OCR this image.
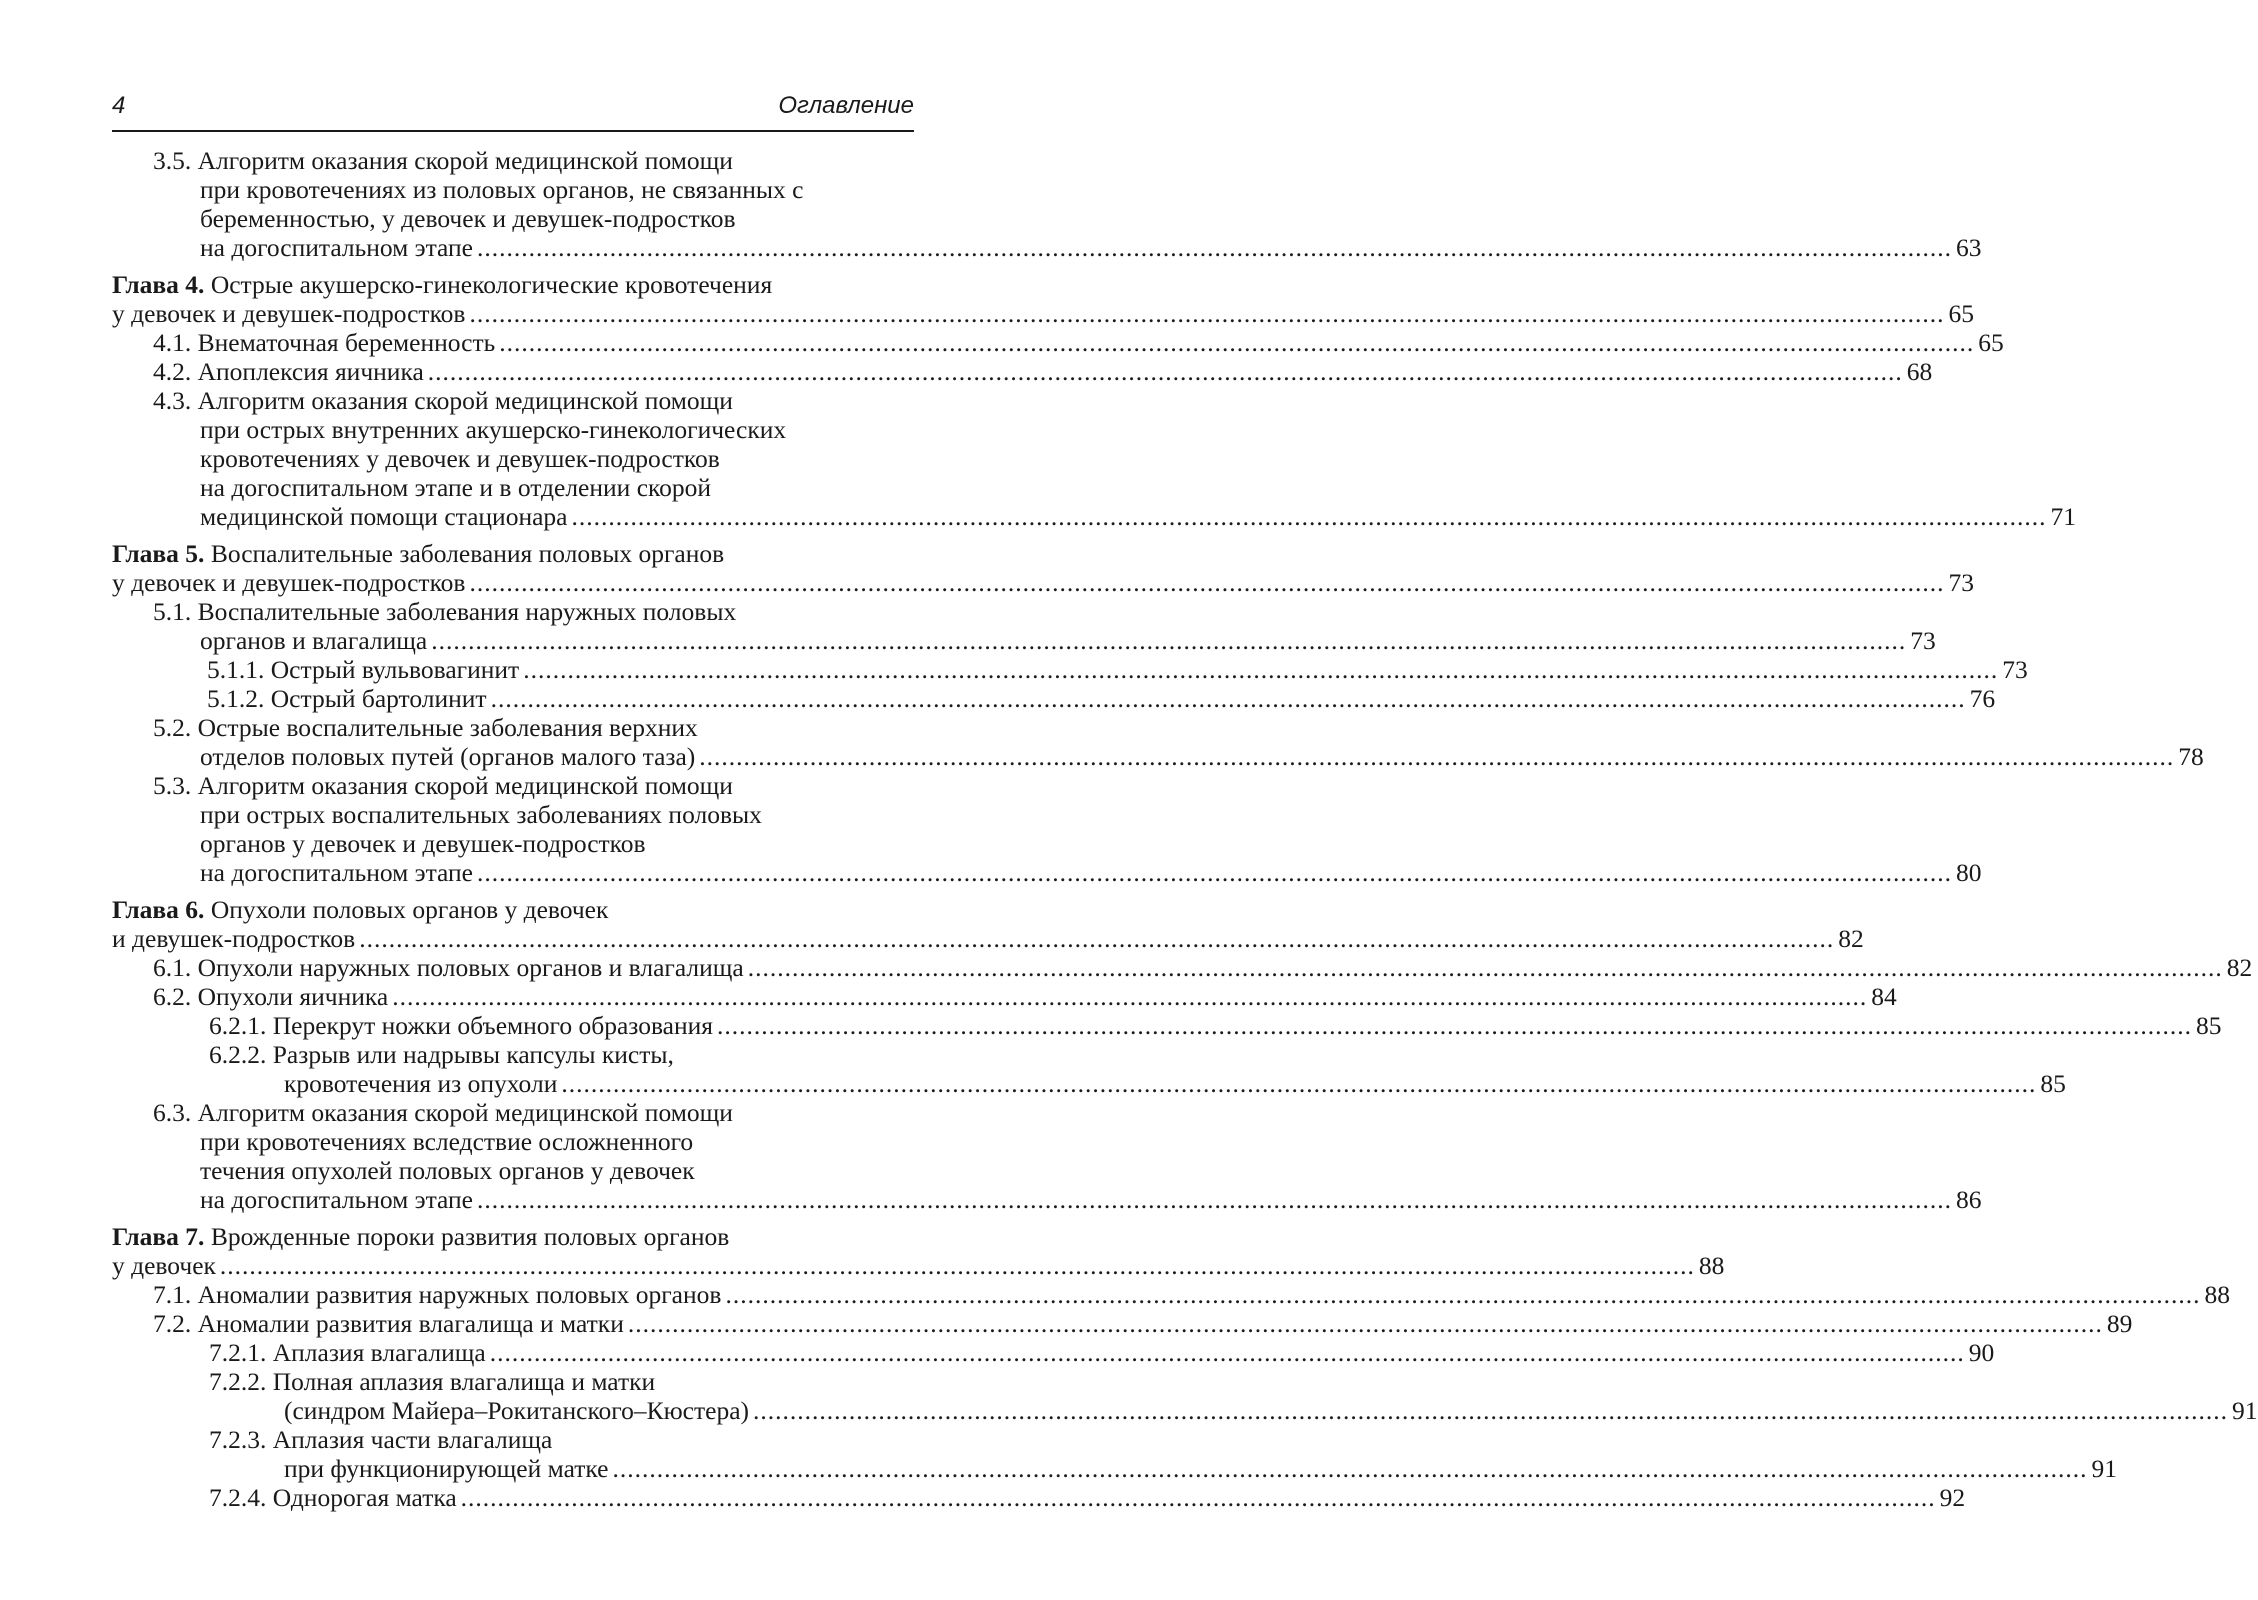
4	Оглавление
3.5. Алгоритм оказания скорой медицинской помощи
при кровотечениях из половых органов, не связанных с
беременностью, у девочек и девушек-подростков
на догоспитальном этапе ........................................................................................................................................................................................................ 63
Глава 4. Острые акушерско-гинекологические кровотечения
у девочек и девушек-подростков ........................................................................................................................................................................................................ 65
4.1. Внематочная беременность ........................................................................................................................................................................................................ 65
4.2. Апоплексия яичника ........................................................................................................................................................................................................ 68
4.3. Алгоритм оказания скорой медицинской помощи
при острых внутренних акушерско-гинекологических
кровотечениях у девочек и девушек-подростков
на догоспитальном этапе и в отделении скорой
медицинской помощи стационара ........................................................................................................................................................................................................ 71
Глава 5. Воспалительные заболевания половых органов
у девочек и девушек-подростков ........................................................................................................................................................................................................ 73
5.1. Воспалительные заболевания наружных половых
органов и влагалища ........................................................................................................................................................................................................ 73
5.1.1. Острый вульвовагинит ........................................................................................................................................................................................................ 73
5.1.2. Острый бартолинит ........................................................................................................................................................................................................ 76
5.2. Острые воспалительные заболевания верхних
отделов половых путей (органов малого таза) ........................................................................................................................................................................................................ 78
5.3. Алгоритм оказания скорой медицинской помощи
при острых воспалительных заболеваниях половых
органов у девочек и девушек-подростков
на догоспитальном этапе ........................................................................................................................................................................................................ 80
Глава 6. Опухоли половых органов у девочек
и девушек-подростков ........................................................................................................................................................................................................ 82
6.1. Опухоли наружных половых органов и влагалища ........................................................................................................................................................................................................ 82
6.2. Опухоли яичника ........................................................................................................................................................................................................ 84
6.2.1. Перекрут ножки объемного образования ........................................................................................................................................................................................................ 85
6.2.2. Разрыв или надрывы капсулы кисты,
кровотечения из опухоли ........................................................................................................................................................................................................ 85
6.3. Алгоритм оказания скорой медицинской помощи
при кровотечениях вследствие осложненного
течения опухолей половых органов у девочек
на догоспитальном этапе ........................................................................................................................................................................................................ 86
Глава 7. Врожденные пороки развития половых органов
у девочек ........................................................................................................................................................................................................ 88
7.1. Аномалии развития наружных половых органов ........................................................................................................................................................................................................ 88
7.2. Аномалии развития влагалища и матки ........................................................................................................................................................................................................ 89
7.2.1. Аплазия влагалища ........................................................................................................................................................................................................ 90
7.2.2. Полная аплазия влагалища и матки
(синдром Майера–Рокитанского–Кюстера) ........................................................................................................................................................................................................ 91
7.2.3. Аплазия части влагалища
при функционирующей матке ........................................................................................................................................................................................................ 91
7.2.4. Однорогая матка ........................................................................................................................................................................................................ 92
